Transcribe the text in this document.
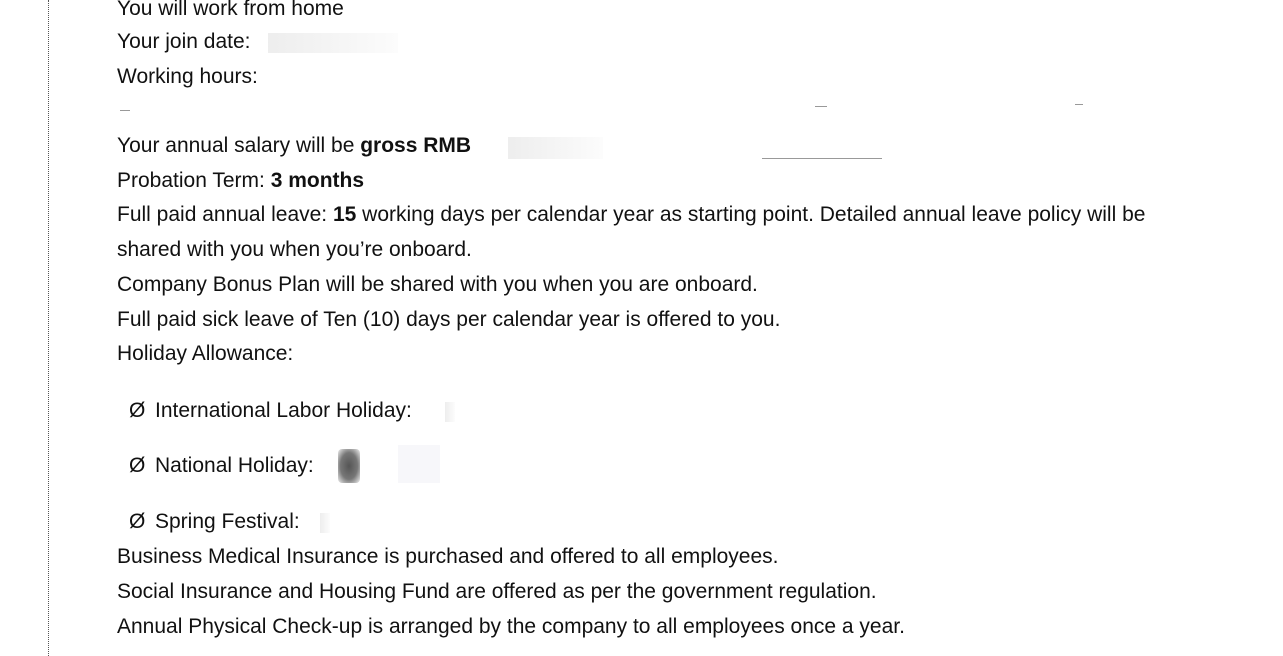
You will work from home
Your join date:
Working hours:
Your annual salary will be gross RMB
Probation Term: 3 months
Full paid annual leave: 15 working days per calendar year as starting point. Detailed annual leave policy will be
shared with you when you’re onboard.
Company Bonus Plan will be shared with you when you are onboard.
Full paid sick leave of Ten (10) days per calendar year is offered to you.
Holiday Allowance:
Ø International Labor Holiday:
Ø National Holiday:
Ø Spring Festival:
Business Medical Insurance is purchased and offered to all employees.
Social Insurance and Housing Fund are offered as per the government regulation.
Annual Physical Check-up is arranged by the company to all employees once a year.
